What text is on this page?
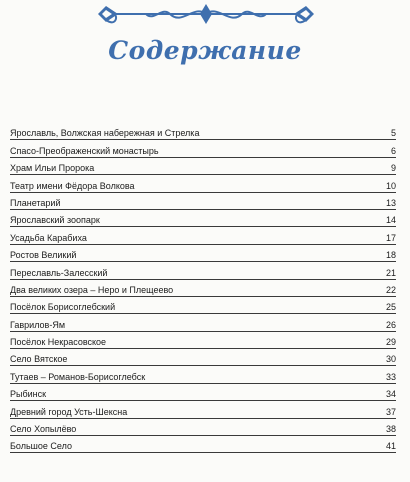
Содержание
Ярославль, Волжская набережная и Стрелка	5
Спасо-Преображенский монастырь	6
Храм Ильи Пророка	9
Театр имени Фёдора Волкова	10
Планетарий	13
Ярославский зоопарк	14
Усадьба Карабиха	17
Ростов Великий	18
Переславль-Залесский	21
Два великих озера – Неро и Плещеево	22
Посёлок Борисоглебский	25
Гаврилов-Ям	26
Посёлок Некрасовское	29
Село Вятское	30
Тутаев – Романов-Борисоглебск	33
Рыбинск	34
Древний город Усть-Шексна	37
Село Хопылёво	38
Большое Село	41
